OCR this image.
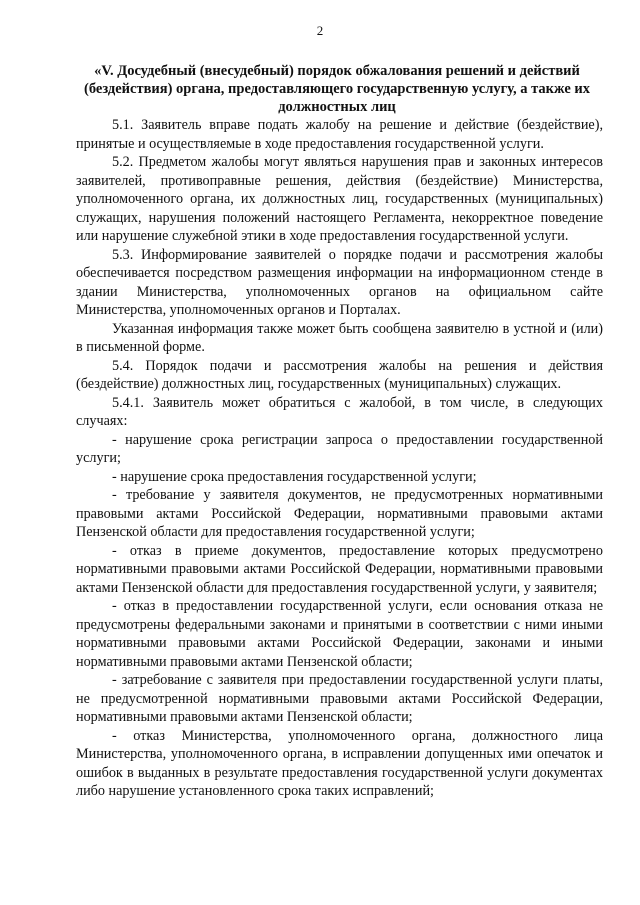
2
«V. Досудебный (внесудебный) порядок обжалования решений и действий (бездействия) органа, предоставляющего государственную услугу, а также их должностных лиц

5.1. Заявитель вправе подать жалобу на решение и действие (бездействие), принятые и осуществляемые в ходе предоставления государственной услуги.

5.2. Предметом жалобы могут являться нарушения прав и законных интересов заявителей, противоправные решения, действия (бездействие) Министерства, уполномоченного органа, их должностных лиц, государственных (муниципальных) служащих, нарушения положений настоящего Регламента, некорректное поведение или нарушение служебной этики в ходе предоставления государственной услуги.

5.3. Информирование заявителей о порядке подачи и рассмотрения жалобы обеспечивается посредством размещения информации на информационном стенде в здании Министерства, уполномоченных органов на официальном сайте Министерства, уполномоченных органов и Порталах.

Указанная информация также может быть сообщена заявителю в устной и (или) в письменной форме.

5.4. Порядок подачи и рассмотрения жалобы на решения и действия (бездействие) должностных лиц, государственных (муниципальных) служащих.

5.4.1. Заявитель может обратиться с жалобой, в том числе, в следующих случаях:

- нарушение срока регистрации запроса о предоставлении государственной услуги;

- нарушение срока предоставления государственной услуги;

- требование у заявителя документов, не предусмотренных нормативными правовыми актами Российской Федерации, нормативными правовыми актами Пензенской области для предоставления государственной услуги;

- отказ в приеме документов, предоставление которых предусмотрено нормативными правовыми актами Российской Федерации, нормативными правовыми актами Пензенской области для предоставления государственной услуги, у заявителя;

- отказ в предоставлении государственной услуги, если основания отказа не предусмотрены федеральными законами и принятыми в соответствии с ними иными нормативными правовыми актами Российской Федерации, законами и иными нормативными правовыми актами Пензенской области;

- затребование с заявителя при предоставлении государственной услуги платы, не предусмотренной нормативными правовыми актами Российской Федерации, нормативными правовыми актами Пензенской области;

- отказ Министерства, уполномоченного органа, должностного лица Министерства, уполномоченного органа, в исправлении допущенных ими опечаток и ошибок в выданных в результате предоставления государственной услуги документах либо нарушение установленного срока таких исправлений;
